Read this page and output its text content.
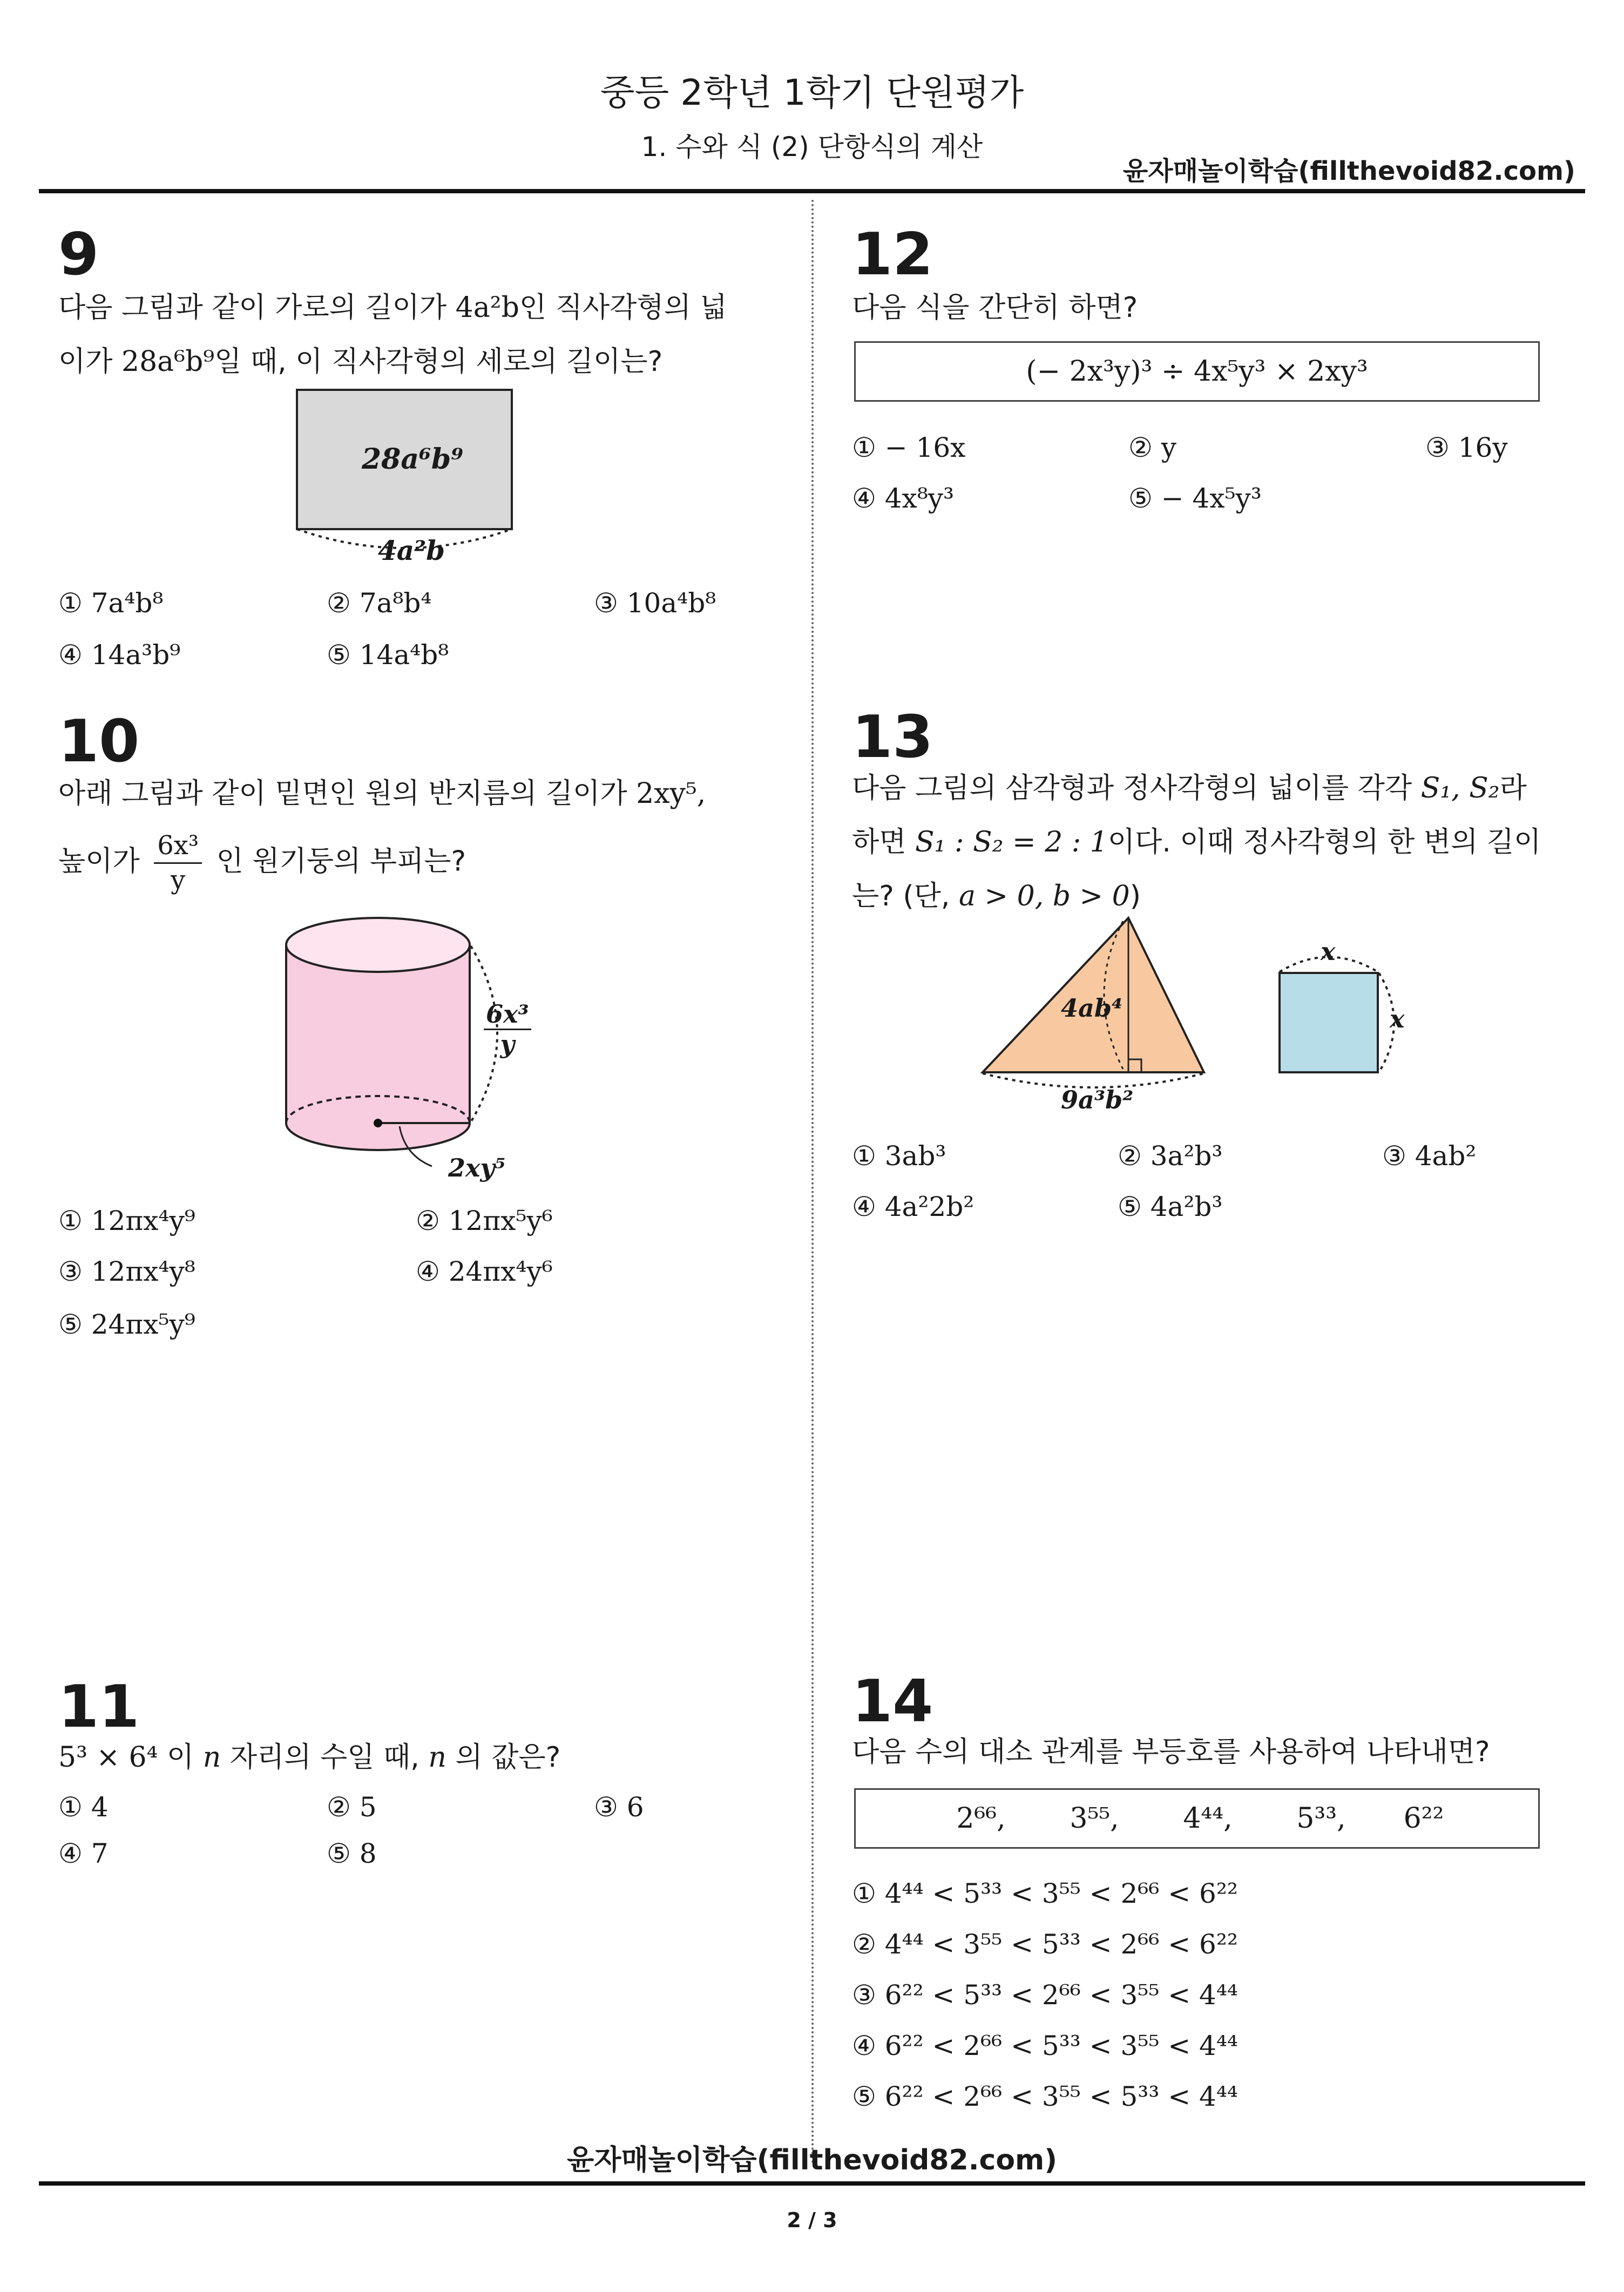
중등 2학년 1학기 단원평가
1. 수와 식 (2) 단항식의 계산
윤자매놀이학습(fillthevoid82.com)
9
다음 그림과 같이 가로의 길이가 4a²b인 직사각형의 넓
이가 28a⁶b⁹일 때, 이 직사각형의 세로의 길이는?
28a⁶b⁹
4a²b
① 7a⁴b⁸	② 7a⁸b⁴	③ 10a⁴b⁸
④ 14a³b⁹	⑤ 14a⁴b⁸
10
아래 그림과 같이 밑면인 원의 반지름의 길이가 2xy⁵,
높이가 $\frac{\text{6x³}}{y}$ 인 원기둥의 부피는?
6x³
y
2xy⁵
① 12πx⁴y⁹	② 12πx⁵y⁶
③ 12πx⁴y⁸	④ 24πx⁴y⁶
⑤ 24πx⁵y⁹
11
5³ × 6⁴ 이 n 자리의 수일 때, n 의 값은?
① 4	② 5	③ 6
④ 7	⑤ 8
12
다음 식을 간단히 하면?
(− 2x³y)³ ÷ 4x⁵y³ × 2xy³
① − 16x	② y	③ 16y
④ 4x⁸y³	⑤ − 4x⁵y³
13
다음 그림의 삼각형과 정사각형의 넓이를 각각 S₁, S₂라
하면 S₁ : S₂ = 2 : 1이다. 이때 정사각형의 한 변의 길이
는? (단, a > 0, b > 0)
4ab⁴
9a³b²
x
x
① 3ab³	② 3a²b³	③ 4ab²
④ 4a²2b²	⑤ 4a²b³
14
다음 수의 대소 관계를 부등호를 사용하여 나타내면?
2⁶⁶, 3⁵⁵, 4⁴⁴, 5³³, 6²²
① 4⁴⁴ < 5³³ < 3⁵⁵ < 2⁶⁶ < 6²²
② 4⁴⁴ < 3⁵⁵ < 5³³ < 2⁶⁶ < 6²²
③ 6²² < 5³³ < 2⁶⁶ < 3⁵⁵ < 4⁴⁴
④ 6²² < 2⁶⁶ < 5³³ < 3⁵⁵ < 4⁴⁴
⑤ 6²² < 2⁶⁶ < 3⁵⁵ < 5³³ < 4⁴⁴
윤자매놀이학습(fillthevoid82.com)
2 / 3
